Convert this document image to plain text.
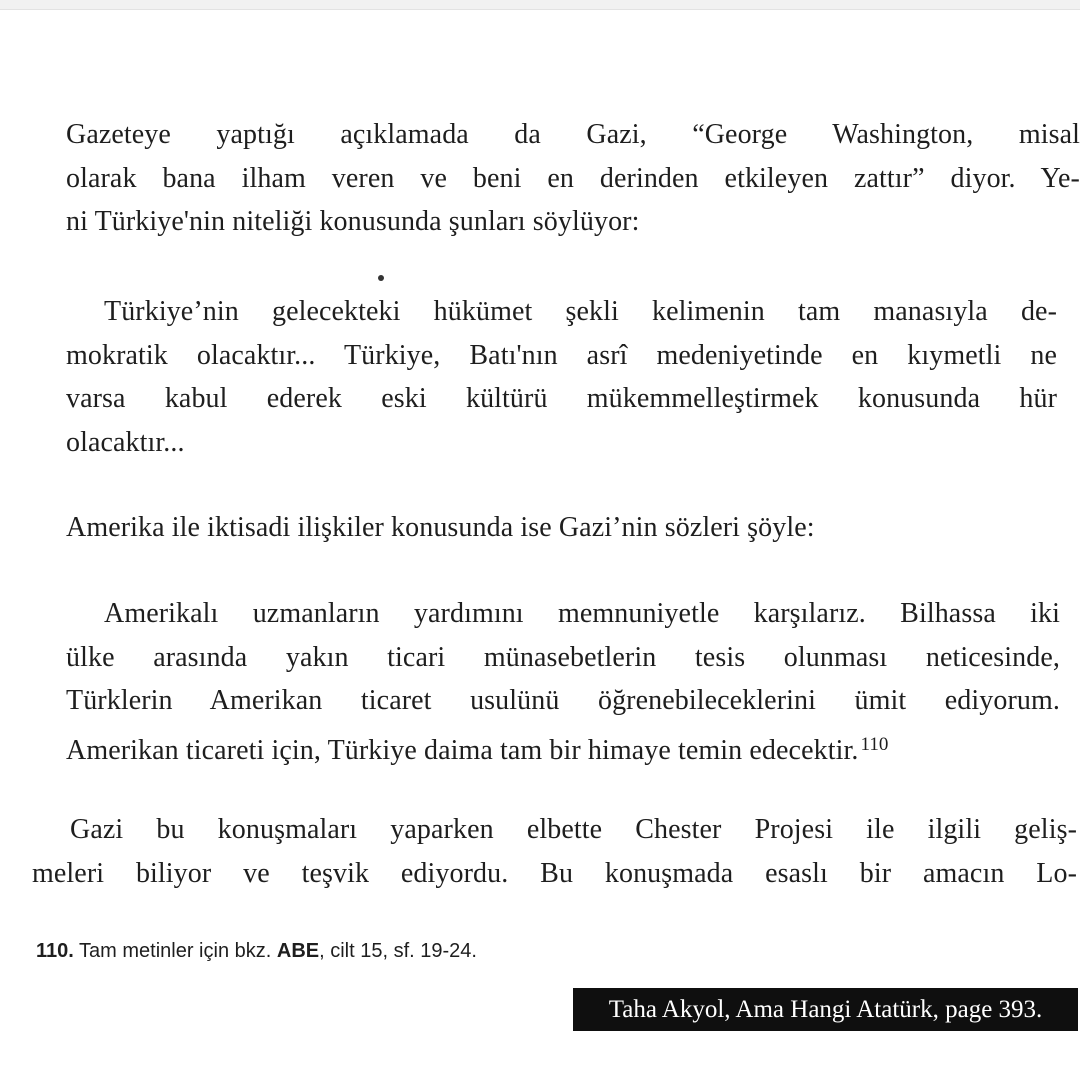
Gazeteye yaptığı açıklamada da Gazi, “George Washington, misal
olarak bana ilham veren ve beni en derinden etkileyen zattır” diyor. Ye-
ni Türkiye'nin niteliği konusunda şunları söylüyor:
Türkiye’nin gelecekteki hükümet şekli kelimenin tam manasıyla de-
mokratik olacaktır... Türkiye, Batı'nın asrî medeniyetinde en kıymetli ne
varsa kabul ederek eski kültürü mükemmelleştirmek konusunda hür
olacaktır...
Amerika ile iktisadi ilişkiler konusunda ise Gazi’nin sözleri şöyle:
Amerikalı uzmanların yardımını memnuniyetle karşılarız. Bilhassa iki
ülke arasında yakın ticari münasebetlerin tesis olunması neticesinde,
Türklerin Amerikan ticaret usulünü öğrenebileceklerini ümit ediyorum.
Amerikan ticareti için, Türkiye daima tam bir himaye temin edecektir. $^{110}$
Gazi bu konuşmaları yaparken elbette Chester Projesi ile ilgili geliş-
meleri biliyor ve teşvik ediyordu. Bu konuşmada esaslı bir amacın Lo-

110. Tam metinler için bkz. ABE, cilt 15, sf. 19-24.

Taha Akyol, Ama Hangi Atatürk, page 393.
